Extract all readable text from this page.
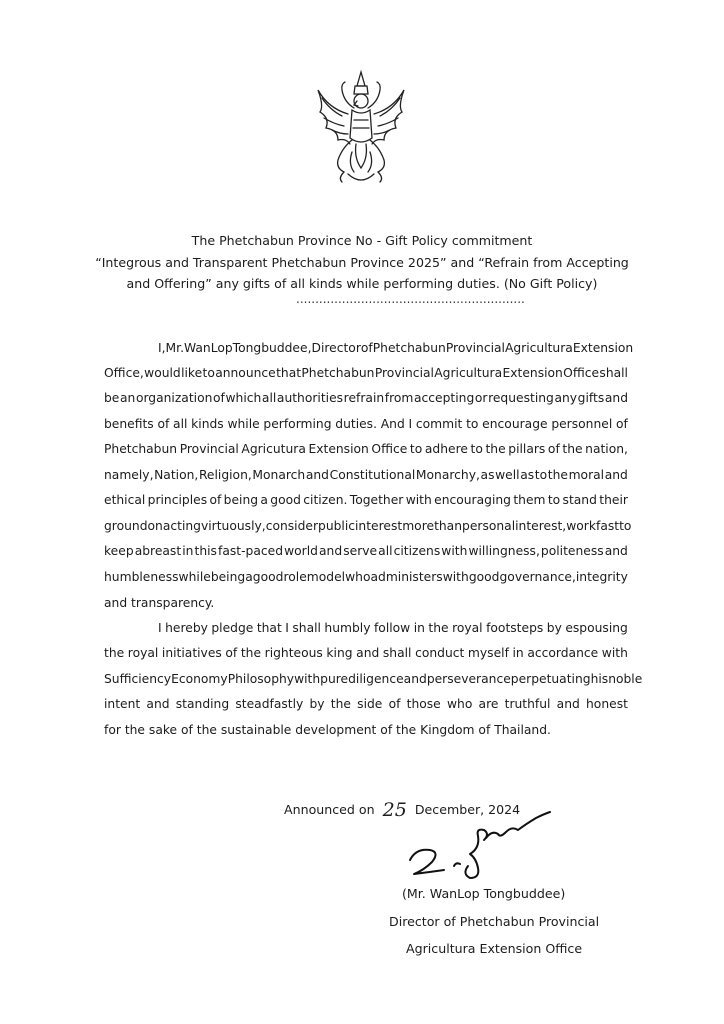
The Phetchabun Province No - Gift Policy commitment
“Integrous and Transparent Phetchabun Province 2025” and “Refrain from Accepting
and Offering” any gifts of all kinds while performing duties. (No Gift Policy)
............................................................
I, Mr. WanLop Tongbuddee ,Director of Phetchabun Provincial Agricultura Extension
Office, would like to announce that Phetchabun Provincial Agricultura Extension Office shall
be an organization of which all authorities refrain from accepting or requesting any gifts and
benefits of all kinds while performing duties. And I commit to encourage personnel of
Phetchabun Provincial Agricutura Extension Office to adhere to the pillars of the nation,
namely, Nation, Religion, Monarch and Constitutional Monarchy, as well as to the moral and
ethical principles of being a good citizen. Together with encouraging them to stand their
ground on acting virtuously, consider public interest more than personal interest, work fast to
keep abreast in this fast-paced world and serve all citizens with willingness, politeness and
humbleness while being a good role model who administers with good governance, integrity
and transparency.
I hereby pledge that I shall humbly follow in the royal footsteps by espousing
the royal initiatives of the righteous king and shall conduct myself in accordance with
Sufficiency Economy Philosophy with pure diligence and perseverance perpetuating his noble
intent and standing steadfastly by the side of those who are truthful and honest
for the sake of the sustainable development of the Kingdom of Thailand.
Announced on 25 December, 2024
(Mr. WanLop Tongbuddee)
Director of Phetchabun Provincial
Agricultura Extension Office
